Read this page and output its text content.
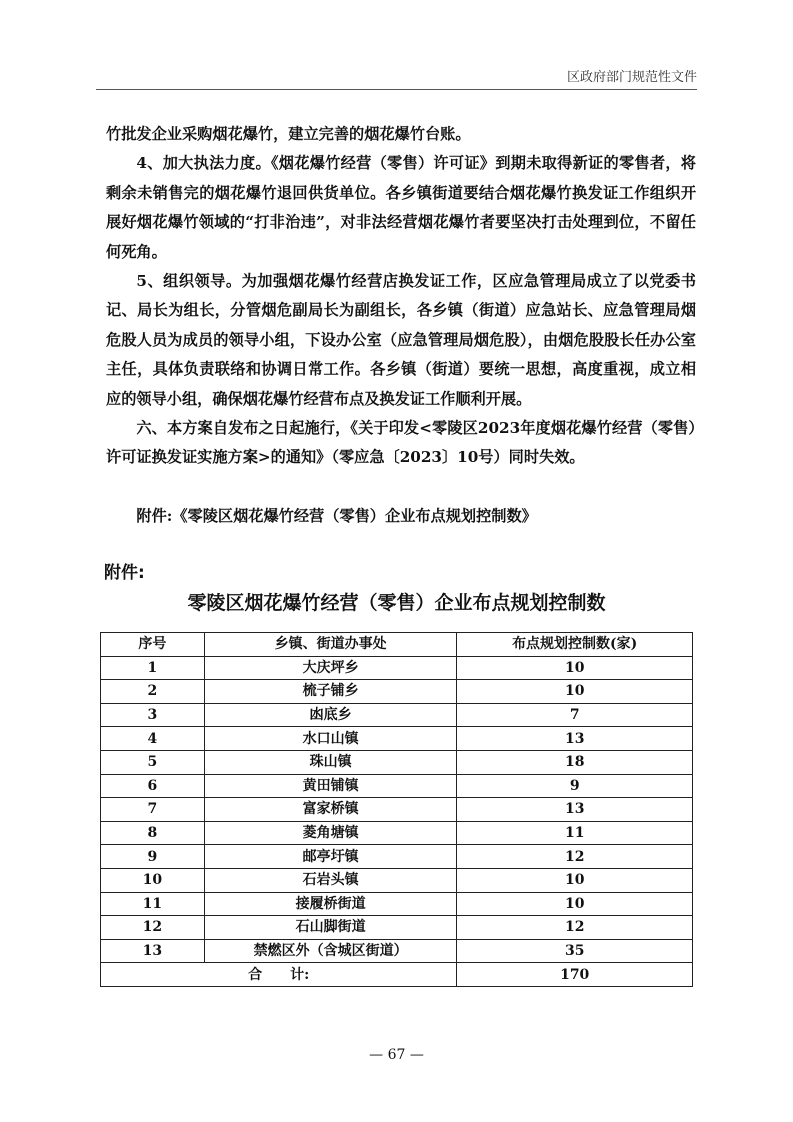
区政府部门规范性文件

竹批发企业采购烟花爆竹，建立完善的烟花爆竹台账。

4、加大执法力度。《烟花爆竹经营（零售）许可证》到期未取得新证的零售者，将剩余未销售完的烟花爆竹退回供货单位。各乡镇街道要结合烟花爆竹换发证工作组织开展好烟花爆竹领域的“打非治违”，对非法经营烟花爆竹者要坚决打击处理到位，不留任何死角。

5、组织领导。为加强烟花爆竹经营店换发证工作，区应急管理局成立了以党委书记、局长为组长，分管烟危副局长为副组长，各乡镇（街道）应急站长、应急管理局烟危股人员为成员的领导小组，下设办公室（应急管理局烟危股），由烟危股股长任办公室主任，具体负责联络和协调日常工作。各乡镇（街道）要统一思想，高度重视，成立相应的领导小组，确保烟花爆竹经营布点及换发证工作顺利开展。

六、本方案自发布之日起施行，《关于印发<零陵区2023年度烟花爆竹经营（零售）许可证换发证实施方案>的通知》（零应急〔2023〕10号）同时失效。

附件:《零陵区烟花爆竹经营（零售）企业布点规划控制数》

附件:
零陵区烟花爆竹经营（零售）企业布点规划控制数
序号	乡镇、街道办事处	布点规划控制数(家)
1	大庆坪乡	10
2	梳子铺乡	10
3	凼底乡	7
4	水口山镇	13
5	珠山镇	18
6	黄田铺镇	9
7	富家桥镇	13
8	菱角塘镇	11
9	邮亭圩镇	12
10	石岩头镇	10
11	接履桥街道	10
12	石山脚街道	12
13	禁燃区外（含城区街道）	35
合　　计:		170
— 67 —
